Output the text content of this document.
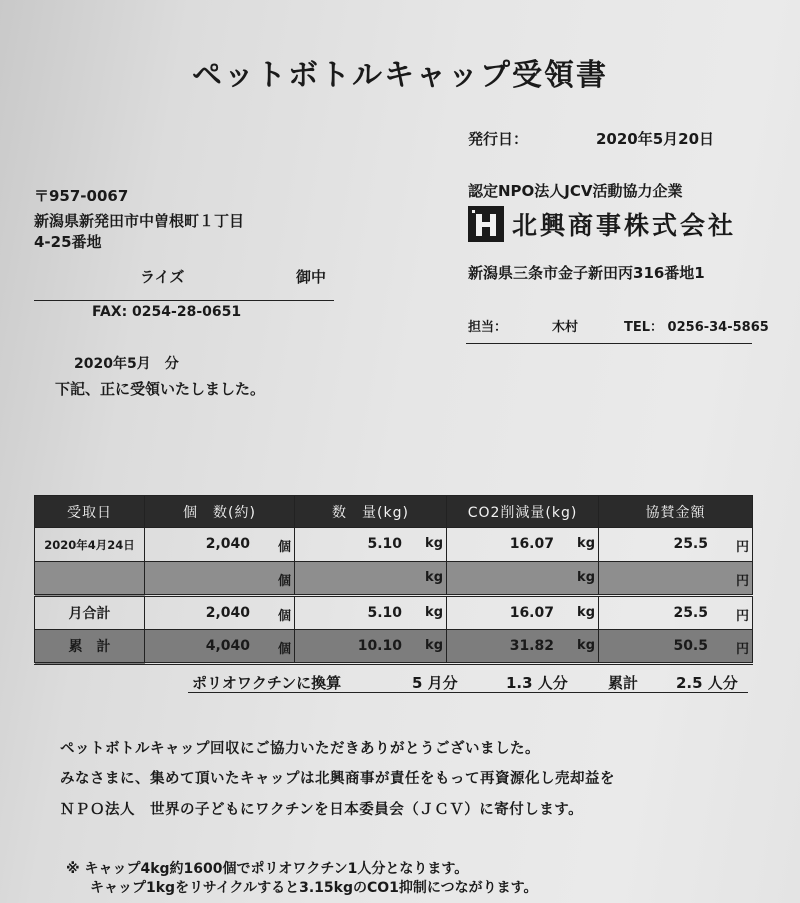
ペットボトルキャップ受領書
発行日：	2020年5月20日
〒957-0067
新潟県新発田市中曽根町１丁目
4-25番地
ライズ	御中
FAX: 0254-28-0651
2020年5月　分
下記、正に受領いたしました。
認定NPO法人JCV活動協力企業
北興商事株式会社
新潟県三条市金子新田丙316番地1
担当：	木村	TEL： 0256-34-5865
受取日	個　数(約)	数　量(kg)	CO2削減量(kg)	協賛金額
2020年4月24日	2,040 個	5.10 kg	16.07 kg	25.5 円

	個	kg	kg	円

月合計	2,040 個	5.10 kg	16.07 kg	25.5 円

累　計	4,040 個	10.10 kg	31.82 kg	50.5 円
ポリオワクチンに換算	5 月分	1.3 人分	累計	2.5 人分
ペットボトルキャップ回収にご協力いただきありがとうございました。
みなさまに、集めて頂いたキャップは北興商事が責任をもって再資源化し売却益を
ＮＰＯ法人　世界の子どもにワクチンを日本委員会（ＪＣＶ）に寄付します。
※ キャップ4kg約1600個でポリオワクチン1人分となります。
キャップ1kgをリサイクルすると3.15kgのCO1抑制につながります。
